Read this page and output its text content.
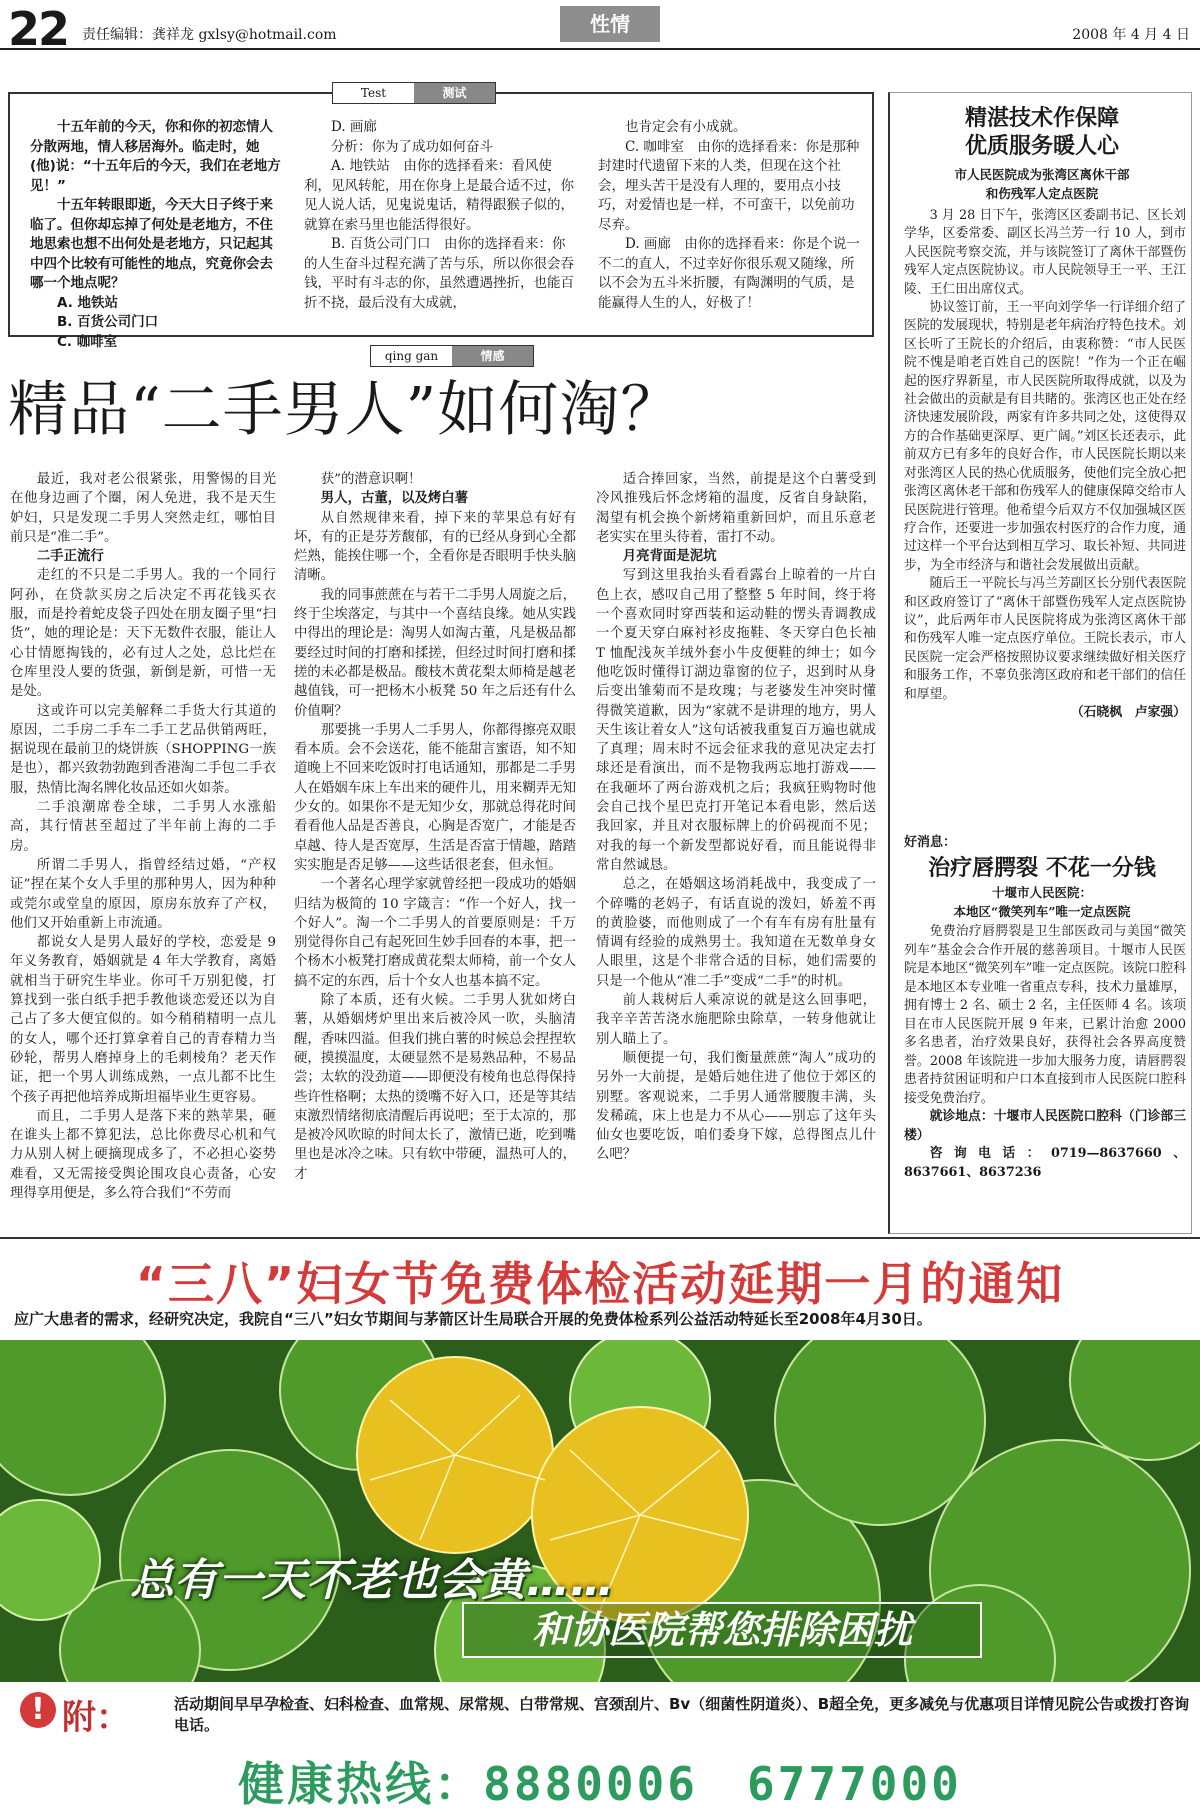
22 责任编辑：龚祥龙 gxlsy@hotmail.com	性情	2008 年 4 月 4 日
Test	测试

十五年前的今天，你和你的初恋情人分散两地，情人移居海外。临走时，她(他)说：“十五年后的今天，我们在老地方见！”

十五年转眼即逝，今天大日子终于来临了。但你却忘掉了何处是老地方，不住地思索也想不出何处是老地方，只记起其中四个比较有可能性的地点，究竟你会去哪一个地点呢？

A. 地铁站

B. 百货公司门口

C. 咖啡室

D. 画廊

分析：你为了成功如何奋斗

A. 地铁站　由你的选择看来：看风使利，见风转舵，用在你身上是最合适不过，你见人说人话，见鬼说鬼话，精得跟猴子似的，就算在索马里也能活得很好。

B. 百货公司门口　由你的选择看来：你的人生奋斗过程充满了苦与乐，所以你很会吞钱，平时有斗志的你，虽然遭遇挫折，也能百折不挠，最后没有大成就，

也肯定会有小成就。

C. 咖啡室　由你的选择看来：你是那种封建时代遗留下来的人类，但现在这个社会，埋头苦干是没有人理的，要用点小技巧，对爱情也是一样，不可蛮干，以免前功尽弃。

D. 画廊　由你的选择看来：你是个说一不二的直人，不过幸好你很乐观又随缘，所以不会为五斗米折腰，有陶渊明的气质，是能赢得人生的人，好极了！

精湛技术作保障
优质服务暖人心
市人民医院成为张湾区离休干部
和伤残军人定点医院

3 月 28 日下午，张湾区区委副书记、区长刘学华，区委常委、副区长冯兰芳一行 10 人，到市人民医院考察交流，并与该院签订了离休干部暨伤残军人定点医院协议。市人民院领导王一平、王江陵、王仁田出席仪式。

协议签订前，王一平向刘学华一行详细介绍了医院的发展现状，特别是老年病治疗特色技术。刘区长听了王院长的介绍后，由衷称赞：“市人民医院不愧是咱老百姓自己的医院！”作为一个正在崛起的医疗界新星，市人民医院所取得成就，以及为社会做出的贡献是有目共睹的。张湾区也正处在经济快速发展阶段，两家有许多共同之处，这使得双方的合作基础更深厚、更广阔。”刘区长还表示，此前双方已有多年的良好合作，市人民医院长期以来对张湾区人民的热心优质服务，使他们完全放心把张湾区离休老干部和伤残军人的健康保障交给市人民医院进行管理。他希望今后双方不仅加强城区医疗合作，还要进一步加强农村医疗的合作力度，通过这样一个平台达到相互学习、取长补短、共同进步，为全市经济与和谐社会发展做出贡献。

随后王一平院长与冯兰芳副区长分别代表医院和区政府签订了“离休干部暨伤残军人定点医院协议”，此后两年市人民医院将成为张湾区离休干部和伤残军人唯一定点医疗单位。王院长表示，市人民医院一定会严格按照协议要求继续做好相关医疗和服务工作，不辜负张湾区政府和老干部们的信任和厚望。

（石晓枫　卢家强）

好消息：
治疗唇腭裂 不花一分钱
十堰市人民医院：
本地区“微笑列车”唯一定点医院

免费治疗唇腭裂是卫生部医政司与美国“微笑列车”基金会合作开展的慈善项目。十堰市人民医院是本地区“微笑列车”唯一定点医院。该院口腔科是本地区本专业唯一省重点专科，技术力量雄厚，拥有博士 2 名、硕士 2 名，主任医师 4 名。该项目在市人民医院开展 9 年来，已累计治愈 2000 多名患者，治疗效果良好，获得社会各界高度赞誉。2008 年该院进一步加大服务力度，请唇腭裂患者持贫困证明和户口本直接到市人民医院口腔科接受免费治疗。

就诊地点：十堰市人民医院口腔科（门诊部三楼）

咨询电话：0719—8637660、8637661、8637236

qing gan	情感
精品“二手男人”如何淘？

最近，我对老公很紧张，用警惕的目光在他身边画了个圈，闲人免进，我不是天生妒妇，只是发现二手男人突然走红，哪怕目前只是“准二手”。

二手正流行

走红的不只是二手男人。我的一个同行阿孙，在贷款买房之后决定不再花钱买衣服，而是拎着蛇皮袋子四处在朋友圈子里“扫货”，她的理论是：天下无数件衣服，能让人心甘情愿掏钱的，必有过人之处，总比烂在仓库里没人要的货强，新倒是新，可惜一无是处。

这或许可以完美解释二手货大行其道的原因，二手房二手车二手工艺品供销两旺，据说现在最前卫的烧饼族（SHOPPING一族是也），都兴致勃勃跑到香港淘二手包二手衣服，热情比淘名牌化妆品还如火如荼。

二手浪潮席卷全球，二手男人水涨船高，其行情甚至超过了半年前上海的二手房。

所谓二手男人，指曾经结过婚，“产权证”捏在某个女人手里的那种男人，因为种种或莞尔或堂皇的原因，原房东放弃了产权，他们又开始重新上市流通。

都说女人是男人最好的学校，恋爱是 9 年义务教育，婚姻就是 4 年大学教育，离婚就相当于研究生毕业。你可千万别犯傻，打算找到一张白纸手把手教他谈恋爱还以为自己占了多大便宜似的。如今稍稍精明一点儿的女人，哪个还打算拿着自己的青春精力当砂轮，帮男人磨掉身上的毛刺棱角？老天作证，把一个男人训练成熟，一点儿都不比生个孩子再把他培养成斯坦福毕业生更容易。

而且，二手男人是落下来的熟苹果，砸在谁头上都不算犯法，总比你费尽心机和气力从别人树上硬摘现成多了，不必担心姿势难看，又无需接受舆论围攻良心责备，心安理得享用便是，多么符合我们“不劳而

获”的潜意识啊！

男人，古董，以及烤白薯

从自然规律来看，掉下来的苹果总有好有坏，有的正是芬芳馥郁，有的已经从身到心全都烂熟，能挨住哪一个，全看你是否眼明手快头脑清晰。

我的同事蔗蔗在与若干二手男人周旋之后，终于尘埃落定，与其中一个喜结良缘。她从实践中得出的理论是：淘男人如淘古董，凡是极品都要经过时间的打磨和揉搓，但经过时间打磨和揉搓的未必都是极品。酸枝木黄花梨太师椅是越老越值钱，可一把杨木小板凳 50 年之后还有什么价值啊？

那要挑一手男人二手男人，你都得擦亮双眼看本质。会不会送花，能不能甜言蜜语，知不知道晚上不回来吃饭时打电话通知，那都是二手男人在婚姻车床上车出来的硬件儿，用来糊弄无知少女的。如果你不是无知少女，那就总得花时间看看他人品是否善良，心胸是否宽广，才能是否卓越、待人是否宽厚，生活是否富于情趣，踏踏实实胞是否足够——这些话很老套，但永恒。

一个著名心理学家就曾经把一段成功的婚姻归结为极简的 10 字箴言：“作一个好人，找一个好人”。淘一个二手男人的首要原则是：千万别觉得你自己有起死回生妙手回春的本事，把一个杨木小板凳打磨成黄花梨太师椅，前一个女人搞不定的东西，后十个女人也基本搞不定。

除了本质，还有火候。二手男人犹如烤白薯，从婚姻烤炉里出来后被冷风一吹，头脑清醒，香味四溢。但我们挑白薯的时候总会捏捏软硬，摸摸温度，太硬显然不是易熟品种，不易品尝；太软的没劲道——即便没有棱角也总得保持些许性格啊；太热的烫嘴不好入口，还是等其结束激烈情绪彻底清醒后再说吧；至于太凉的，那是被冷风吹晾的时间太长了，激情已逝，吃到嘴里也是冰冷之味。只有软中带硬，温热可人的，才

适合捧回家，当然，前提是这个白薯受到冷风推残后怀念烤箱的温度，反省自身缺陷，渴望有机会换个新烤箱重新回炉，而且乐意老老实实在里头待着，雷打不动。

月亮背面是泥坑

写到这里我抬头看看露台上晾着的一片白色上衣，感叹自己用了整整 5 年时间，终于将一个喜欢同时穿西装和运动鞋的愣头青调教成一个夏天穿白麻衬衫皮拖鞋、冬天穿白色长袖 T 恤配浅灰羊绒外套小牛皮便鞋的绅士；如今他吃饭时懂得订湖边靠窗的位子，迟到时从身后变出雏菊而不是玫瑰；与老婆发生冲突时懂得微笑道歉，因为“家就不是讲理的地方，男人天生该让着女人”这句话被我重复百万遍也就成了真理；周末时不远会征求我的意见决定去打球还是看演出，而不是物我两忘地打游戏——在我砸坏了两台游戏机之后；我疯狂购物时他会自己找个星巴克打开笔记本看电影，然后送我回家，并且对衣服标牌上的价码视而不见；对我的每一个新发型都说好看，而且能说得非常自然诚恳。

总之，在婚姻这场消耗战中，我变成了一个碎嘴的老妈子，有话直说的泼妇，娇羞不再的黄脸婆，而他则成了一个有车有房有肚量有情调有经验的成熟男士。我知道在无数单身女人眼里，这是个非常合适的目标，她们需要的只是一个他从“准二手”变成“二手”的时机。

前人栽树后人乘凉说的就是这么回事吧，我辛辛苦苦浇水施肥除虫除草，一转身他就让别人瞄上了。

顺便提一句，我们衡量蔗蔗“淘人”成功的另外一大前提，是婚后她住进了他位于郊区的别墅。客观说来，二手男人通常腰腹丰满，头发稀疏，床上也是力不从心——别忘了这年头仙女也要吃饭，咱们委身下嫁，总得图点儿什么吧？

“三八”妇女节免费体检活动延期一月的通知
应广大患者的需求，经研究决定，我院自“三八”妇女节期间与茅箭区计生局联合开展的免费体检系列公益活动特延长至2008年4月30日。
总有一天不老也会黄……
和协医院帮您排除困扰
! 附：	活动期间早早孕检查、妇科检查、血常规、尿常规、白带常规、宫颈刮片、Bv（细菌性阴道炎）、B超全免，更多减免与优惠项目详情见院公告或拨打咨询电话。
健康热线：8880006　6777000
